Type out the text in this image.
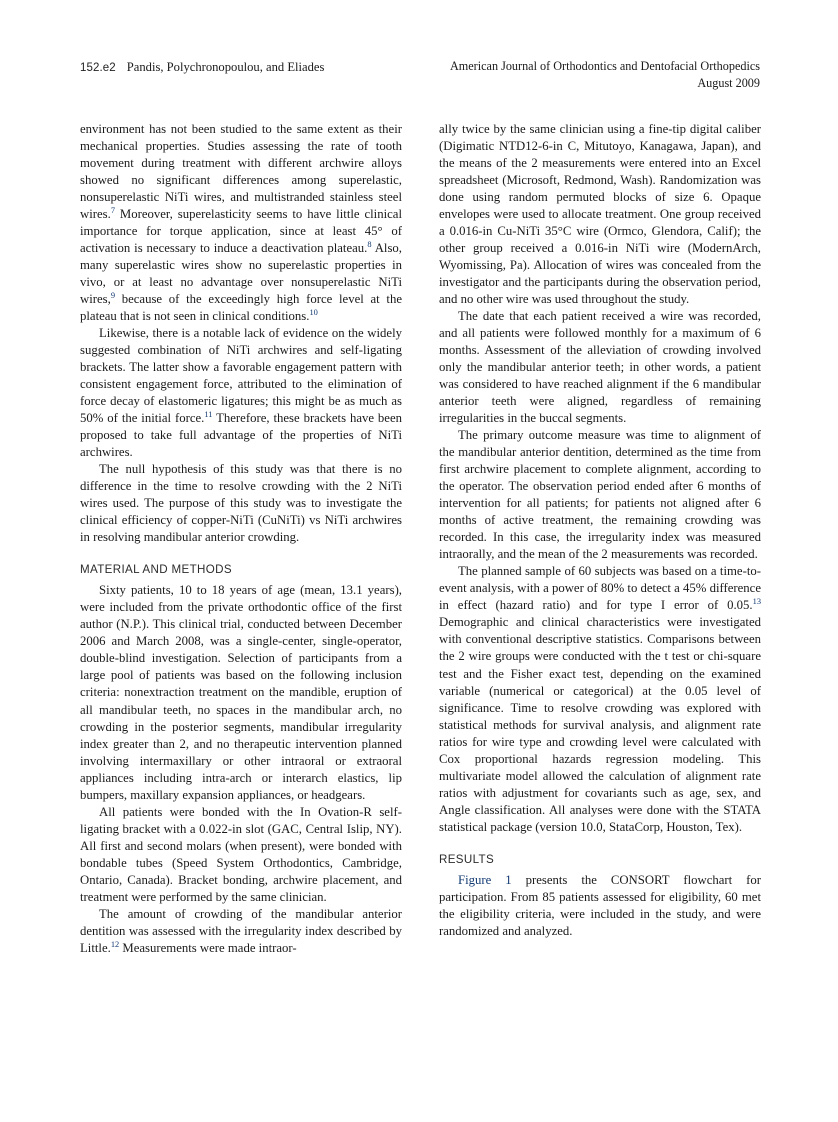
152.e2 Pandis, Polychronopoulou, and Eliades	American Journal of Orthodontics and Dentofacial Orthopedics
August 2009

environment has not been studied to the same extent as their mechanical properties. Studies assessing the rate of tooth movement during treatment with different archwire alloys showed no significant differences among superelastic, nonsuperelastic NiTi wires, and multistranded stainless steel wires.$^7$ Moreover, superelasticity seems to have little clinical importance for torque application, since at least 45° of activation is necessary to induce a deactivation plateau.$^8$ Also, many superelastic wires show no superelastic properties in vivo, or at least no advantage over nonsuperelastic NiTi wires,$^9$ because of the exceedingly high force level at the plateau that is not seen in clinical conditions.$^{10}$

Likewise, there is a notable lack of evidence on the widely suggested combination of NiTi archwires and self-ligating brackets. The latter show a favorable engagement pattern with consistent engagement force, attributed to the elimination of force decay of elastomeric ligatures; this might be as much as 50% of the initial force.$^{11}$ Therefore, these brackets have been proposed to take full advantage of the properties of NiTi archwires.

The null hypothesis of this study was that there is no difference in the time to resolve crowding with the 2 NiTi wires used. The purpose of this study was to investigate the clinical efficiency of copper-NiTi (CuNiTi) vs NiTi archwires in resolving mandibular anterior crowding.

MATERIAL AND METHODS

Sixty patients, 10 to 18 years of age (mean, 13.1 years), were included from the private orthodontic office of the first author (N.P.). This clinical trial, conducted between December 2006 and March 2008, was a single-center, single-operator, double-blind investigation. Selection of participants from a large pool of patients was based on the following inclusion criteria: nonextraction treatment on the mandible, eruption of all mandibular teeth, no spaces in the mandibular arch, no crowding in the posterior segments, mandibular irregularity index greater than 2, and no therapeutic intervention planned involving intermaxillary or other intraoral or extraoral appliances including intra-arch or interarch elastics, lip bumpers, maxillary expansion appliances, or headgears.

All patients were bonded with the In Ovation-R self-ligating bracket with a 0.022-in slot (GAC, Central Islip, NY). All first and second molars (when present), were bonded with bondable tubes (Speed System Orthodontics, Cambridge, Ontario, Canada). Bracket bonding, archwire placement, and treatment were performed by the same clinician.

The amount of crowding of the mandibular anterior dentition was assessed with the irregularity index described by Little.$^{12}$ Measurements were made intraor-

ally twice by the same clinician using a fine-tip digital caliber (Digimatic NTD12-6-in C, Mitutoyo, Kanagawa, Japan), and the means of the 2 measurements were entered into an Excel spreadsheet (Microsoft, Redmond, Wash). Randomization was done using random permuted blocks of size 6. Opaque envelopes were used to allocate treatment. One group received a 0.016-in Cu-NiTi 35°C wire (Ormco, Glendora, Calif); the other group received a 0.016-in NiTi wire (ModernArch, Wyomissing, Pa). Allocation of wires was concealed from the investigator and the participants during the observation period, and no other wire was used throughout the study.

The date that each patient received a wire was recorded, and all patients were followed monthly for a maximum of 6 months. Assessment of the alleviation of crowding involved only the mandibular anterior teeth; in other words, a patient was considered to have reached alignment if the 6 mandibular anterior teeth were aligned, regardless of remaining irregularities in the buccal segments.

The primary outcome measure was time to alignment of the mandibular anterior dentition, determined as the time from first archwire placement to complete alignment, according to the operator. The observation period ended after 6 months of intervention for all patients; for patients not aligned after 6 months of active treatment, the remaining crowding was recorded. In this case, the irregularity index was measured intraorally, and the mean of the 2 measurements was recorded.

The planned sample of 60 subjects was based on a time-to-event analysis, with a power of 80% to detect a 45% difference in effect (hazard ratio) and for type I error of 0.05.13 Demographic and clinical characteristics were investigated with conventional descriptive statistics. Comparisons between the 2 wire groups were conducted with the t test or chi-square test and the Fisher exact test, depending on the examined variable (numerical or categorical) at the 0.05 level of significance. Time to resolve crowding was explored with statistical methods for survival analysis, and alignment rate ratios for wire type and crowding level were calculated with Cox proportional hazards regression modeling. This multivariate model allowed the calculation of alignment rate ratios with adjustment for covariants such as age, sex, and Angle classification. All analyses were done with the STATA statistical package (version 10.0, StataCorp, Houston, Tex).

RESULTS

Figure 1 presents the CONSORT flowchart for participation. From 85 patients assessed for eligibility, 60 met the eligibility criteria, were included in the study, and were randomized and analyzed.
